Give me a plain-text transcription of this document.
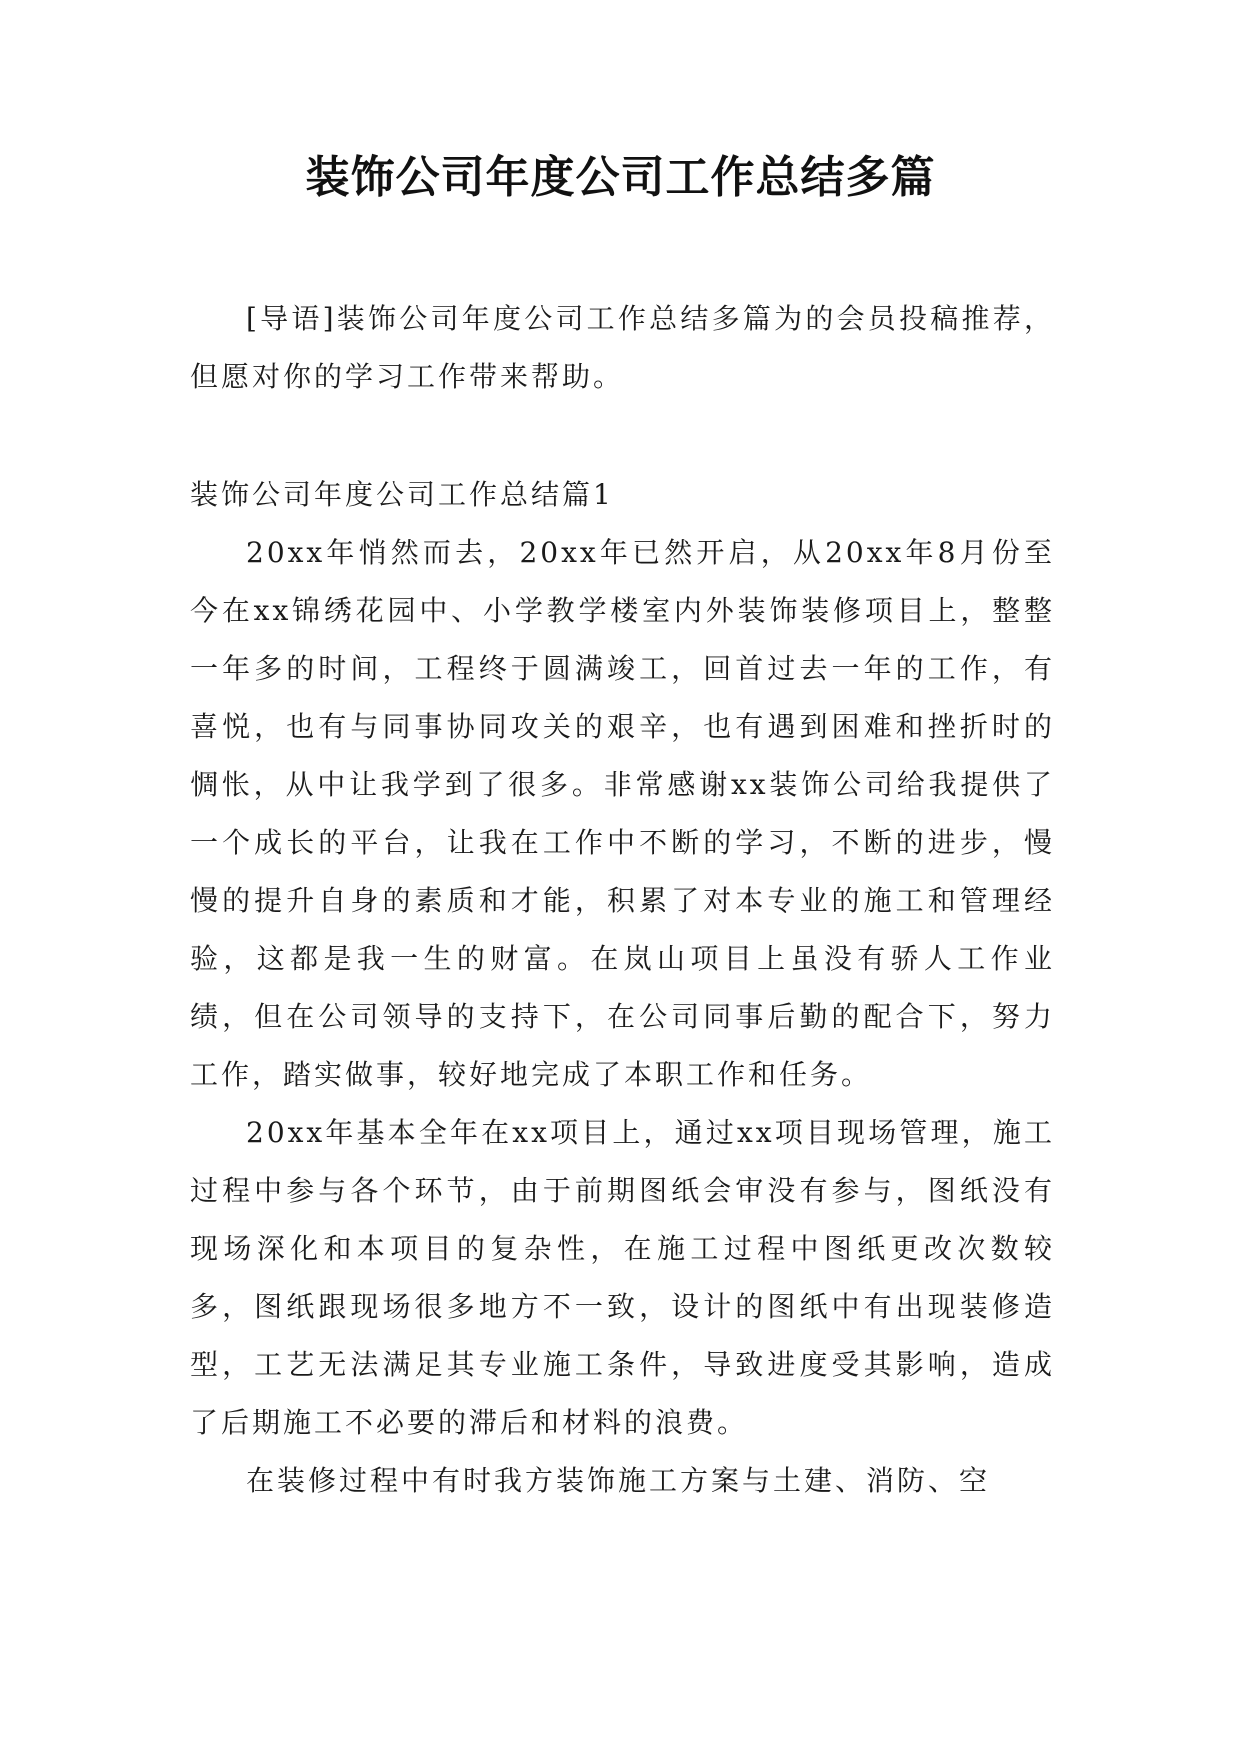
装饰公司年度公司工作总结多篇

[导语]装饰公司年度公司工作总结多篇为的会员投稿推荐，但愿对你的学习工作带来帮助。

装饰公司年度公司工作总结篇1

20xx年悄然而去，20xx年已然开启，从20xx年8月份至今在xx锦绣花园中、小学教学楼室内外装饰装修项目上，整整一年多的时间，工程终于圆满竣工，回首过去一年的工作，有喜悦，也有与同事协同攻关的艰辛，也有遇到困难和挫折时的惆怅，从中让我学到了很多。非常感谢xx装饰公司给我提供了一个成长的平台，让我在工作中不断的学习，不断的进步，慢慢的提升自身的素质和才能，积累了对本专业的施工和管理经验，这都是我一生的财富。在岚山项目上虽没有骄人工作业绩，但在公司领导的支持下，在公司同事后勤的配合下，努力工作，踏实做事，较好地完成了本职工作和任务。

20xx年基本全年在xx项目上，通过xx项目现场管理，施工过程中参与各个环节，由于前期图纸会审没有参与，图纸没有现场深化和本项目的复杂性，在施工过程中图纸更改次数较多，图纸跟现场很多地方不一致，设计的图纸中有出现装修造型，工艺无法满足其专业施工条件，导致进度受其影响，造成了后期施工不必要的滞后和材料的浪费。

在装修过程中有时我方装饰施工方案与土建、消防、空
